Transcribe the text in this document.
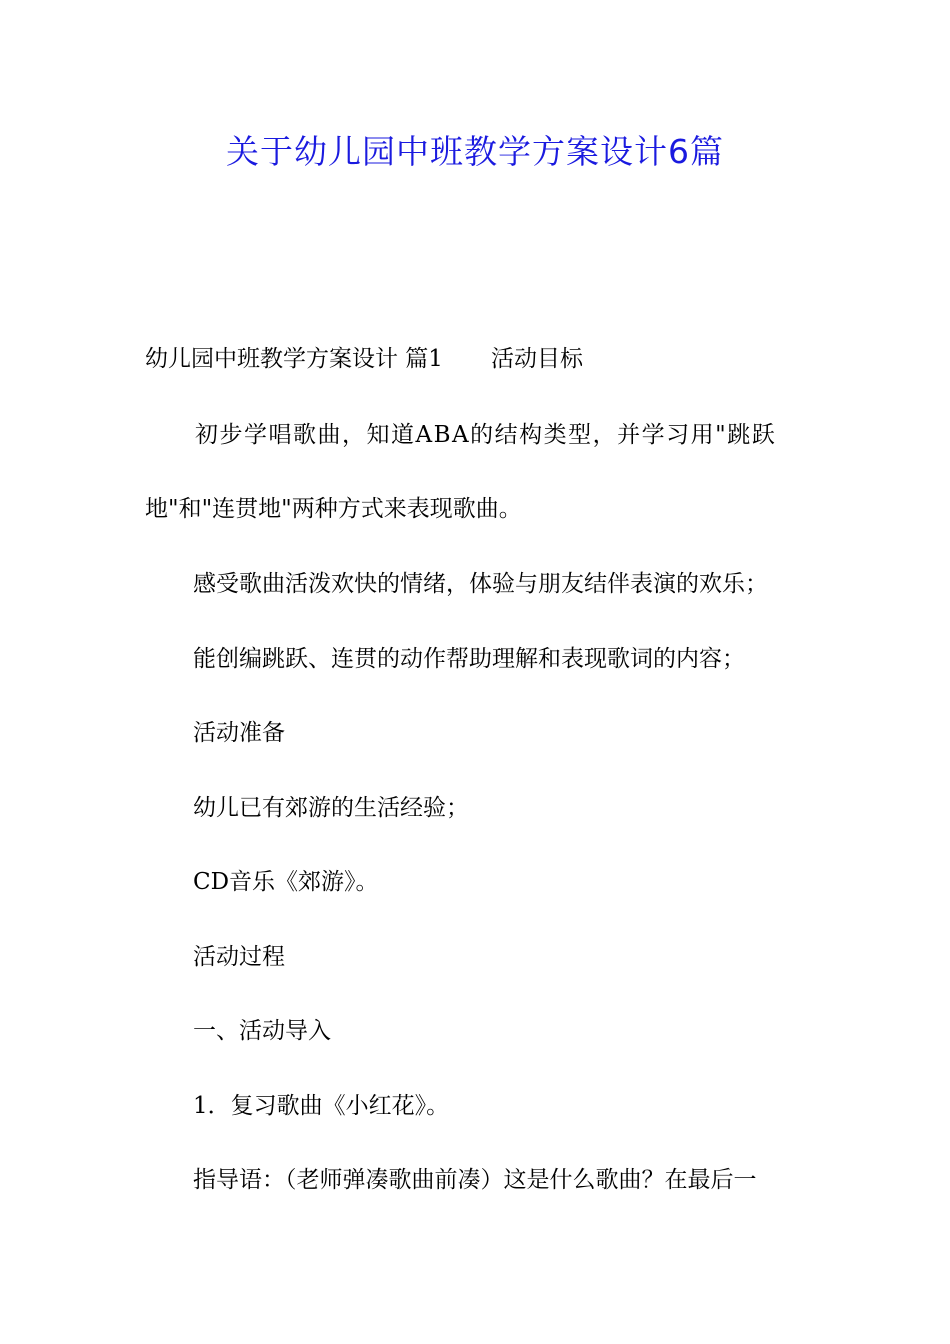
关于幼儿园中班教学方案设计6篇

幼儿园中班教学方案设计 篇1 活动目标

初步学唱歌曲，知道ABA的结构类型，并学习用"跳跃

地"和"连贯地"两种方式来表现歌曲。

感受歌曲活泼欢快的情绪，体验与朋友结伴表演的欢乐；

能创编跳跃、连贯的动作帮助理解和表现歌词的内容；

活动准备

幼儿已有郊游的生活经验；

CD音乐《郊游》。

活动过程

一、活动导入

1．复习歌曲《小红花》。

指导语：（老师弹凑歌曲前凑）这是什么歌曲？在最后一
